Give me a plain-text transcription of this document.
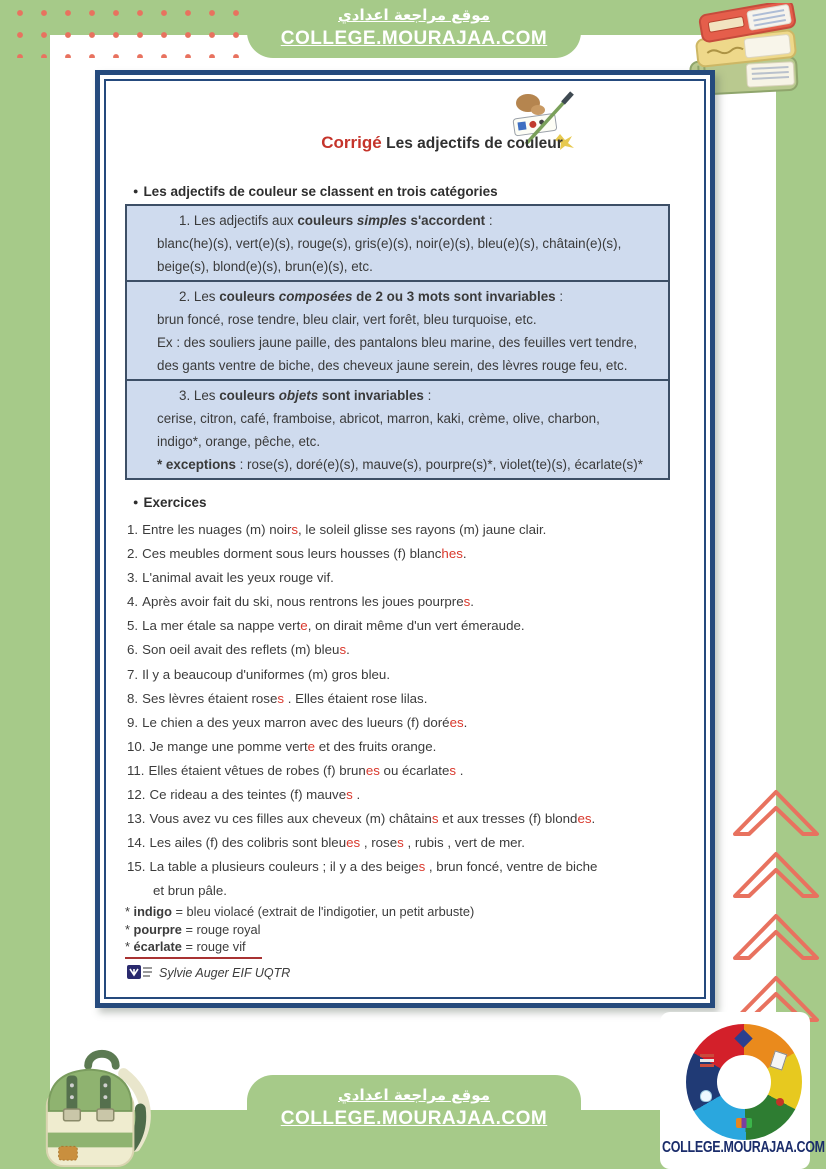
موقع مراجعة اعدادي
COLLEGE.MOURAJAA.COM
Corrigé Les adjectifs de couleur
● Les adjectifs de couleur se classent en trois catégories
1. Les adjectifs aux couleurs simples s'accordent :
blanc(he)(s), vert(e)(s), rouge(s), gris(e)(s), noir(e)(s), bleu(e)(s), châtain(e)(s),
beige(s), blond(e)(s), brun(e)(s), etc.
2. Les couleurs composées de 2 ou 3 mots sont invariables :
brun foncé, rose tendre, bleu clair, vert forêt, bleu turquoise, etc.
Ex : des souliers jaune paille, des pantalons bleu marine, des feuilles vert tendre,
des gants ventre de biche, des cheveux jaune serein, des lèvres rouge feu, etc.
3. Les couleurs objets sont invariables :
cerise, citron, café, framboise, abricot, marron, kaki, crème, olive, charbon,
indigo*, orange, pêche, etc.
* exceptions : rose(s), doré(e)(s), mauve(s), pourpre(s)*, violet(te)(s), écarlate(s)*
● Exercices
1. Entre les nuages (m) noirs, le soleil glisse ses rayons (m) jaune clair.
2. Ces meubles dorment sous leurs housses (f) blanches.
3. L'animal avait les yeux rouge vif.
4. Après avoir fait du ski, nous rentrons les joues pourpres.
5. La mer étale sa nappe verte, on dirait même d'un vert émeraude.
6. Son oeil avait des reflets (m) bleus.
7. Il y a beaucoup d'uniformes (m) gros bleu.
8. Ses lèvres étaient roses . Elles étaient rose lilas.
9. Le chien a des yeux marron avec des lueurs (f) dorées.
10. Je mange une pomme verte et des fruits orange.
11. Elles étaient vêtues de robes (f) brunes ou écarlates .
12. Ce rideau a des teintes (f) mauves .
13. Vous avez vu ces filles aux cheveux (m) châtains et aux tresses (f) blondes.
14. Les ailes (f) des colibris sont bleues , roses , rubis , vert de mer.
15. La table a plusieurs couleurs ; il y a des beiges , brun foncé, ventre de biche
et brun pâle.
* indigo = bleu violacé (extrait de l'indigotier, un petit arbuste)
* pourpre = rouge royal
* écarlate = rouge vif
Sylvie Auger EIF UQTR
COLLEGE.MOURAJAA.COM
موقع مراجعة اعدادي
COLLEGE.MOURAJAA.COM
